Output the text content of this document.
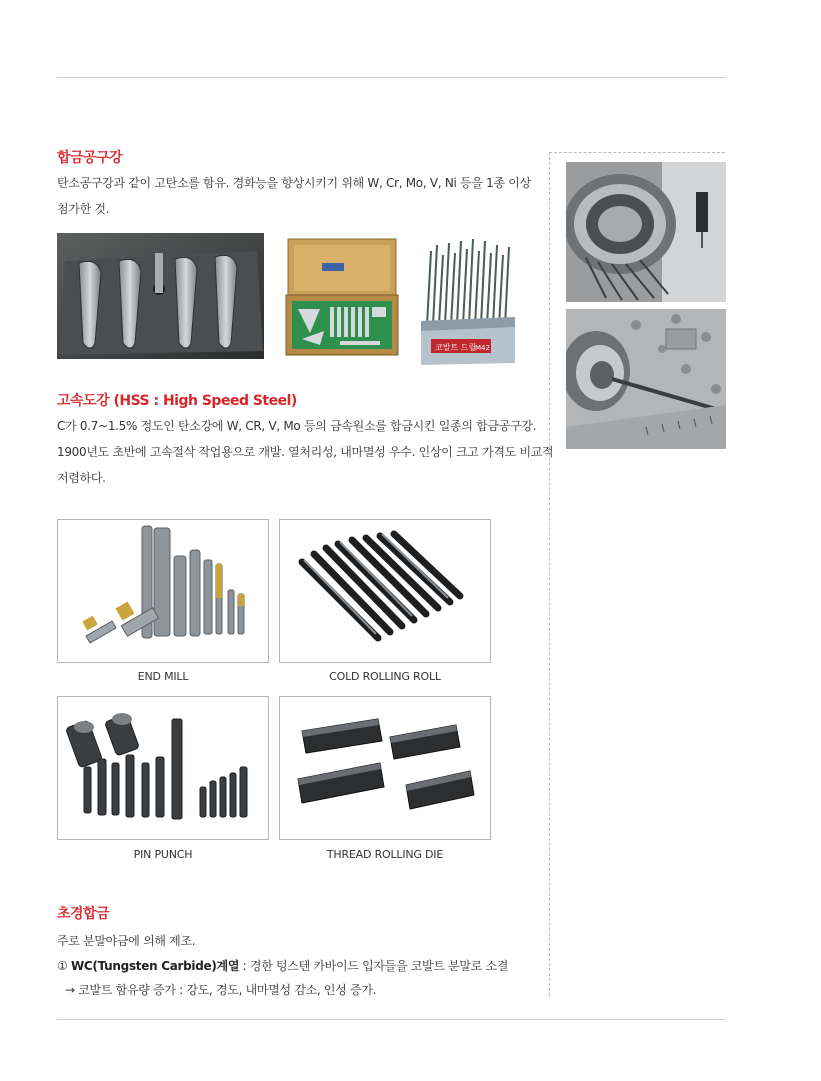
합금공구강
탄소공구강과 같이 고탄소를 함유. 경화능을 향상시키기 위해 W, Cr, Mo, V, Ni 등을 1종 이상
첨가한 것.
코발트 드릴
M42
고속도강 (HSS : High Speed Steel)
C가 0.7~1.5% 정도인 탄소강에 W, CR, V, Mo 등의 금속원소를 합금시킨 일종의 합금공구강.
1900년도 초반에 고속절삭 작업용으로 개발. 열처리성, 내마멸성 우수. 인상이 크고 가격도 비교적
저렴하다.
END MILL	COLD ROLLING ROLL
PIN PUNCH	THREAD ROLLING DIE
초경합금
주로 분말야금에 의해 제조.
① WC(Tungsten Carbide)계열 : 경한 텅스텐 카바이드 입자들을 코발트 분말로 소결
→ 코발트 함유량 증가 : 강도, 경도, 내마멸성 감소, 인성 증가.
